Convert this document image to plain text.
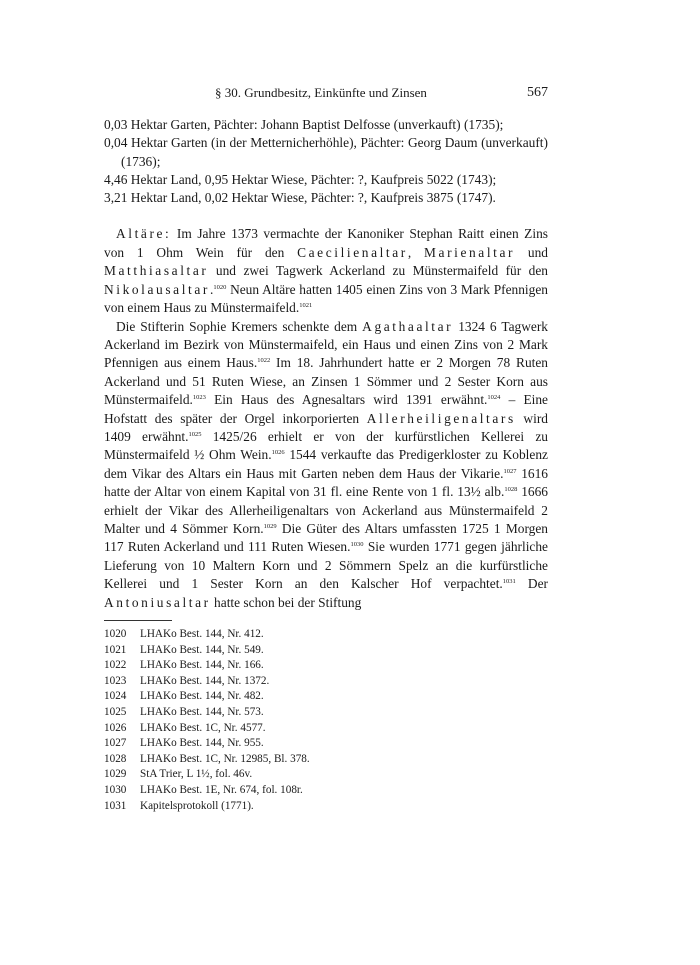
§ 30. Grundbesitz, Einkünfte und Zinsen	567
0,03 Hektar Garten, Pächter: Johann Baptist Delfosse (unverkauft) (1735);
0,04 Hektar Garten (in der Metternicherhöhle), Pächter: Georg Daum (unverkauft) (1736);
4,46 Hektar Land, 0,95 Hektar Wiese, Pächter: ?, Kaufpreis 5022 (1743);
3,21 Hektar Land, 0,02 Hektar Wiese, Pächter: ?, Kaufpreis 3875 (1747).

Altäre: Im Jahre 1373 vermachte der Kanoniker Stephan Raitt einen Zins von 1 Ohm Wein für den Caecilienaltar, Marienaltar und Matthiasaltar und zwei Tagwerk Ackerland zu Münstermaifeld für den Nikolausaltar.$^{1020}$ Neun Altäre hatten 1405 einen Zins von 3 Mark Pfennigen von einem Haus zu Münstermaifeld.$^{1021}$

Die Stifterin Sophie Kremers schenkte dem Agathaaltar 1324 6 Tagwerk Ackerland im Bezirk von Münstermaifeld, ein Haus und einen Zins von 2 Mark Pfennigen aus einem Haus.$^{1022}$ Im 18. Jahrhundert hatte er 2 Morgen 78 Ruten Ackerland und 51 Ruten Wiese, an Zinsen 1 Sömmer und 2 Sester Korn aus Münstermaifeld.$^{1023}$ Ein Haus des Agnesaltars wird 1391 erwähnt.$^{1024}$ – Eine Hofstatt des später der Orgel inkorporierten Allerheiligenaltars wird 1409 erwähnt.$^{1025}$ 1425/26 erhielt er von der kurfürstlichen Kellerei zu Münstermaifeld ½ Ohm Wein.$^{1026}$ 1544 verkaufte das Predigerkloster zu Koblenz dem Vikar des Altars ein Haus mit Garten neben dem Haus der Vikarie.$^{1027}$ 1616 hatte der Altar von einem Kapital von 31 fl. eine Rente von 1 fl. 13½ alb.$^{1028}$ 1666 erhielt der Vikar des Allerheiligenaltars von Ackerland aus Münstermaifeld 2 Malter und 4 Sömmer Korn.$^{1029}$ Die Güter des Altars umfassten 1725 1 Morgen 117 Ruten Ackerland und 111 Ruten Wiesen.$^{1030}$ Sie wurden 1771 gegen jährliche Lieferung von 10 Maltern Korn und 2 Sömmern Spelz an die kurfürstliche Kellerei und 1 Sester Korn an den Kalscher Hof verpachtet.$^{1031}$ Der Antoniusaltar hatte schon bei der Stiftung

1020	LHAKo Best. 144, Nr. 412.
1021	LHAKo Best. 144, Nr. 549.
1022	LHAKo Best. 144, Nr. 166.
1023	LHAKo Best. 144, Nr. 1372.
1024	LHAKo Best. 144, Nr. 482.
1025	LHAKo Best. 144, Nr. 573.
1026	LHAKo Best. 1C, Nr. 4577.
1027	LHAKo Best. 144, Nr. 955.
1028	LHAKo Best. 1C, Nr. 12985, Bl. 378.
1029	StA Trier, L 1½, fol. 46v.
1030	LHAKo Best. 1E, Nr. 674, fol. 108r.
1031	Kapitelsprotokoll (1771).
